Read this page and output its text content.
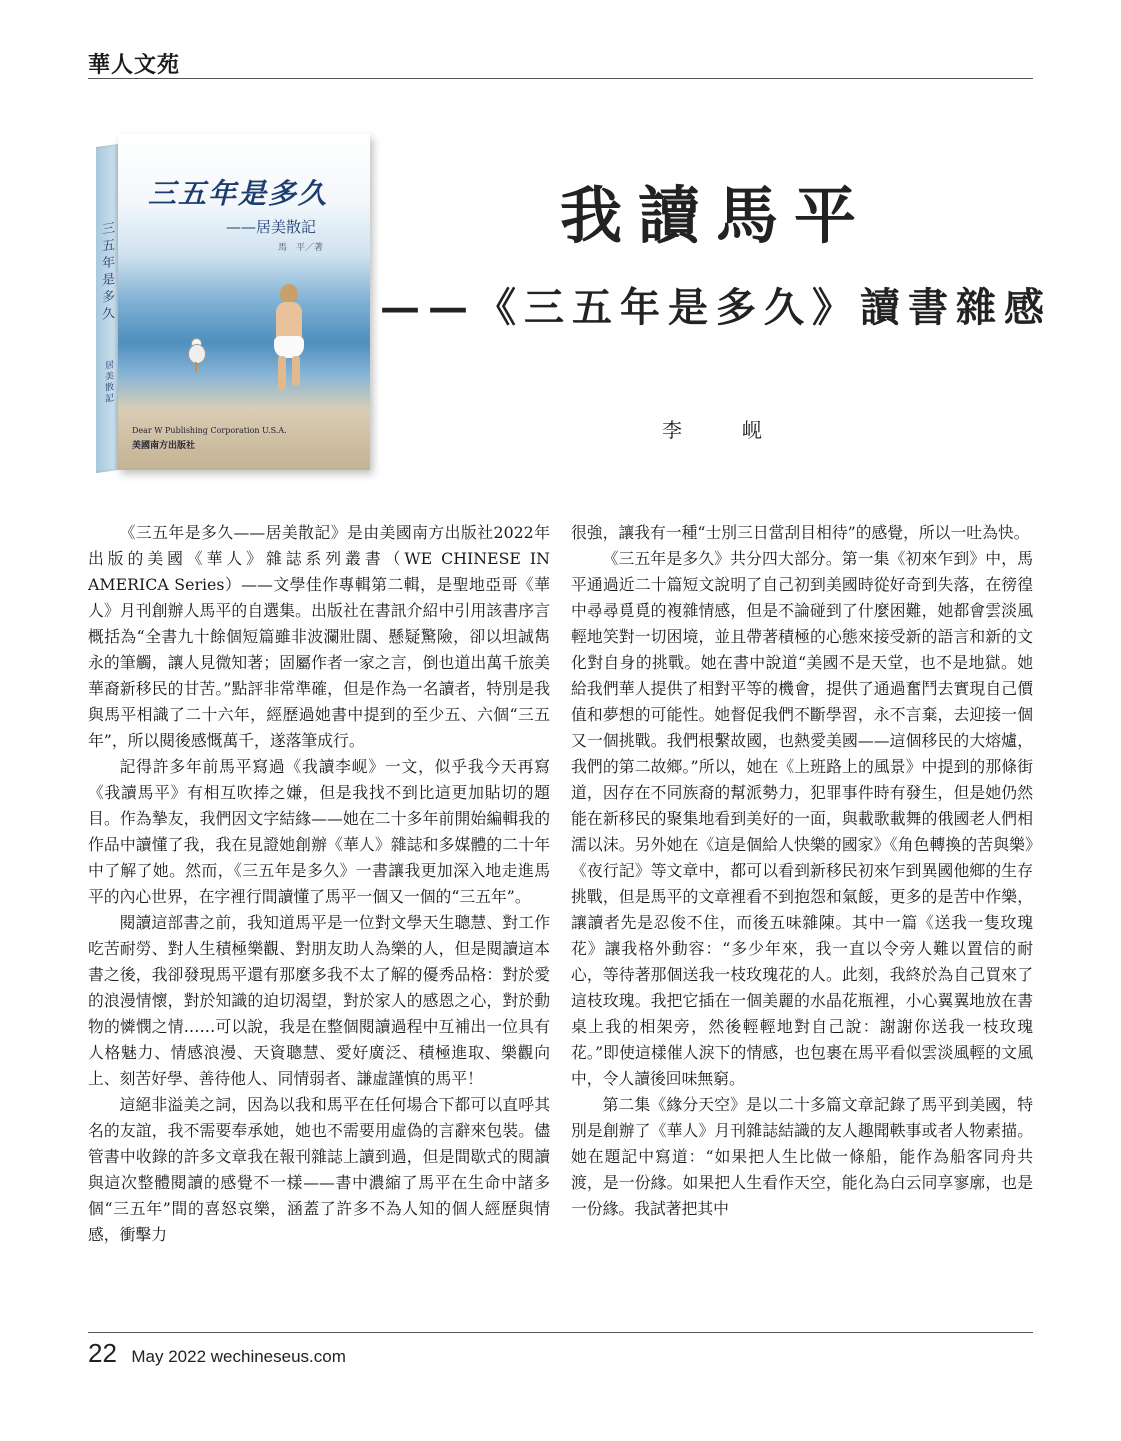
華人文苑
三五年是多久
居美散記
三五年是多久
——居美散記
馬　平／著
Dear W Publishing Corporation U.S.A.
美國南方出版社
我讀馬平
——《三五年是多久》讀書雜感
李　岘

《三五年是多久——居美散記》是由美國南方出版社2022年出版的美國《華人》雜誌系列叢書（WE CHINESE IN AMERICA Series）——文學佳作專輯第二輯，是聖地亞哥《華人》月刊創辦人馬平的自選集。出版社在書訊介紹中引用該書序言概括為“全書九十餘個短篇雖非波瀾壯闊、懸疑驚險，卻以坦誠雋永的筆觸，讓人見微知著；固屬作者一家之言，倒也道出萬千旅美華裔新移民的甘苦。”點評非常準確，但是作為一名讀者，特別是我與馬平相識了二十六年，經歷過她書中提到的至少五、六個“三五年”，所以閱後感慨萬千，遂落筆成行。

記得許多年前馬平寫過《我讀李岘》一文，似乎我今天再寫《我讀馬平》有相互吹捧之嫌，但是我找不到比這更加貼切的題目。作為摯友，我們因文字結緣——她在二十多年前開始編輯我的作品中讀懂了我，我在見證她創辦《華人》雜誌和多媒體的二十年中了解了她。然而，《三五年是多久》一書讓我更加深入地走進馬平的內心世界，在字裡行間讀懂了馬平一個又一個的“三五年”。

閱讀這部書之前，我知道馬平是一位對文學天生聰慧、對工作吃苦耐勞、對人生積極樂觀、對朋友助人為樂的人，但是閱讀這本書之後，我卻發現馬平還有那麼多我不太了解的優秀品格：對於愛的浪漫情懷，對於知識的迫切渴望，對於家人的感恩之心，對於動物的憐憫之情……可以說，我是在整個閱讀過程中互補出一位具有人格魅力、情感浪漫、天資聰慧、愛好廣泛、積極進取、樂觀向上、刻苦好學、善待他人、同情弱者、謙虛謹慎的馬平！

這絕非溢美之詞，因為以我和馬平在任何場合下都可以直呼其名的友誼，我不需要奉承她，她也不需要用虛偽的言辭來包裝。儘管書中收錄的許多文章我在報刊雜誌上讀到過，但是間歇式的閱讀與這次整體閱讀的感覺不一樣——書中濃縮了馬平在生命中諸多個“三五年”間的喜怒哀樂，涵蓋了許多不為人知的個人經歷與情感，衝擊力

很強，讓我有一種“士別三日當刮目相待”的感覺，所以一吐為快。

《三五年是多久》共分四大部分。第一集《初來乍到》中，馬平通過近二十篇短文說明了自己初到美國時從好奇到失落，在徬徨中尋尋覓覓的複雜情感，但是不論碰到了什麼困難，她都會雲淡風輕地笑對一切困境，並且帶著積極的心態來接受新的語言和新的文化對自身的挑戰。她在書中說道“美國不是天堂，也不是地獄。她給我們華人提供了相對平等的機會，提供了通過奮鬥去實現自己價值和夢想的可能性。她督促我們不斷學習，永不言棄，去迎接一個又一個挑戰。我們根繫故國，也熱愛美國——這個移民的大熔爐，我們的第二故鄉。”所以，她在《上班路上的風景》中提到的那條街道，因存在不同族裔的幫派勢力，犯罪事件時有發生，但是她仍然能在新移民的聚集地看到美好的一面，與載歌載舞的俄國老人們相濡以沫。另外她在《這是個給人快樂的國家》《角色轉換的苦與樂》《夜行記》等文章中，都可以看到新移民初來乍到異國他鄉的生存挑戰，但是馬平的文章裡看不到抱怨和氣餒，更多的是苦中作樂，讓讀者先是忍俊不住，而後五味雜陳。其中一篇《送我一隻玫瑰花》讓我格外動容：“多少年來，我一直以令旁人難以置信的耐心，等待著那個送我一枝玫瑰花的人。此刻，我終於為自己買來了這枝玫瑰。我把它插在一個美麗的水晶花瓶裡，小心翼翼地放在書桌上我的相架旁，然後輕輕地對自己說：謝謝你送我一枝玫瑰花。”即使這樣催人淚下的情感，也包裹在馬平看似雲淡風輕的文風中，令人讀後回味無窮。

第二集《緣分天空》是以二十多篇文章記錄了馬平到美國，特別是創辦了《華人》月刊雜誌結識的友人趣聞軼事或者人物素描。她在題記中寫道：“如果把人生比做一條船，能作為船客同舟共渡，是一份緣。如果把人生看作天空，能化為白云同享寥廓，也是一份緣。我試著把其中

22 May 2022 wechineseus.com
